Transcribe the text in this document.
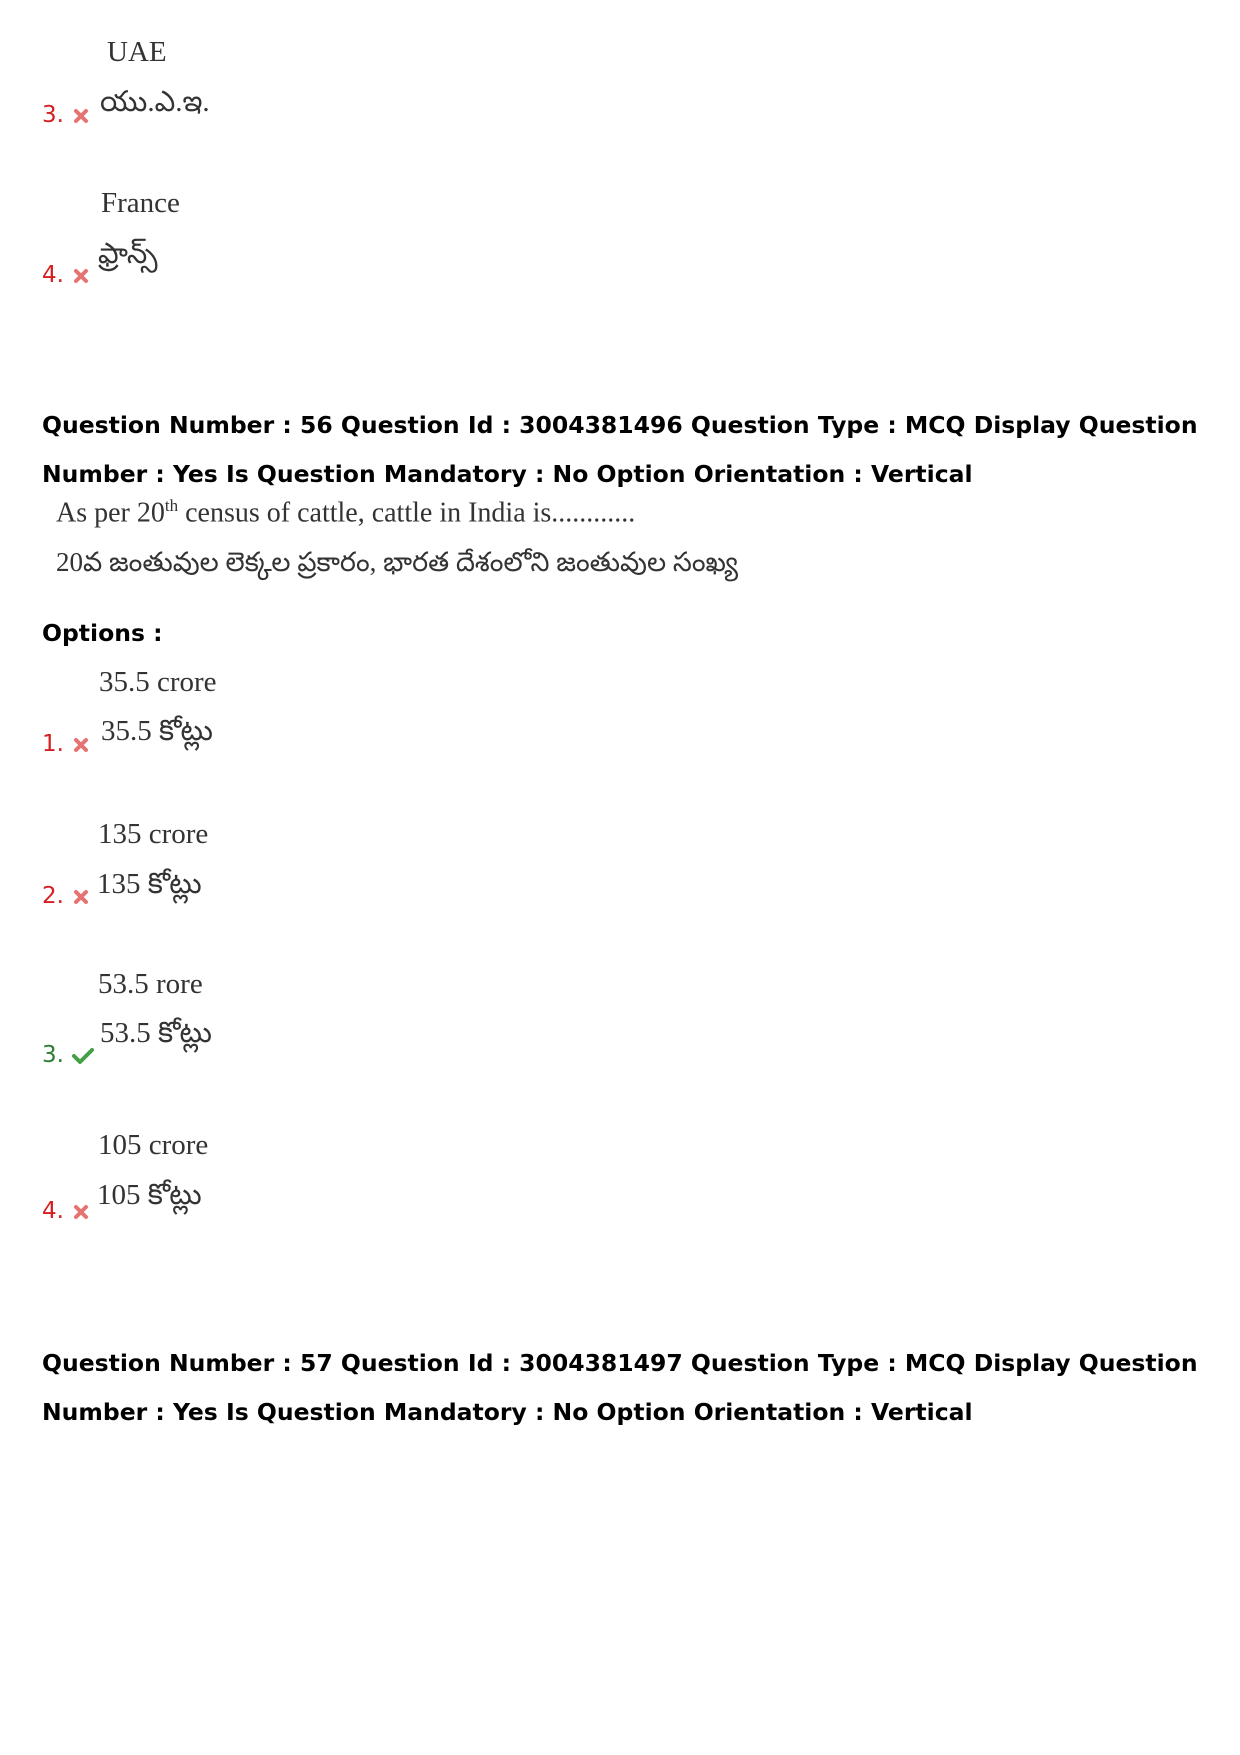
UAE
యు.ఎ.ఇ.
3.
France
ఫ్రాన్స్
4.
Question Number : 56 Question Id : 3004381496 Question Type : MCQ Display Question
Number : Yes Is Question Mandatory : No Option Orientation : Vertical
As per 20th census of cattle, cattle in India is............
20వ జంతువుల లెక్కల ప్రకారం, భారత దేశంలోని జంతువుల సంఖ్య
Options :
35.5 crore
35.5 కోట్లు
1.
135 crore
135 కోట్లు
2.
53.5 rore
53.5 కోట్లు
3.
105 crore
105 కోట్లు
4.
Question Number : 57 Question Id : 3004381497 Question Type : MCQ Display Question
Number : Yes Is Question Mandatory : No Option Orientation : Vertical
